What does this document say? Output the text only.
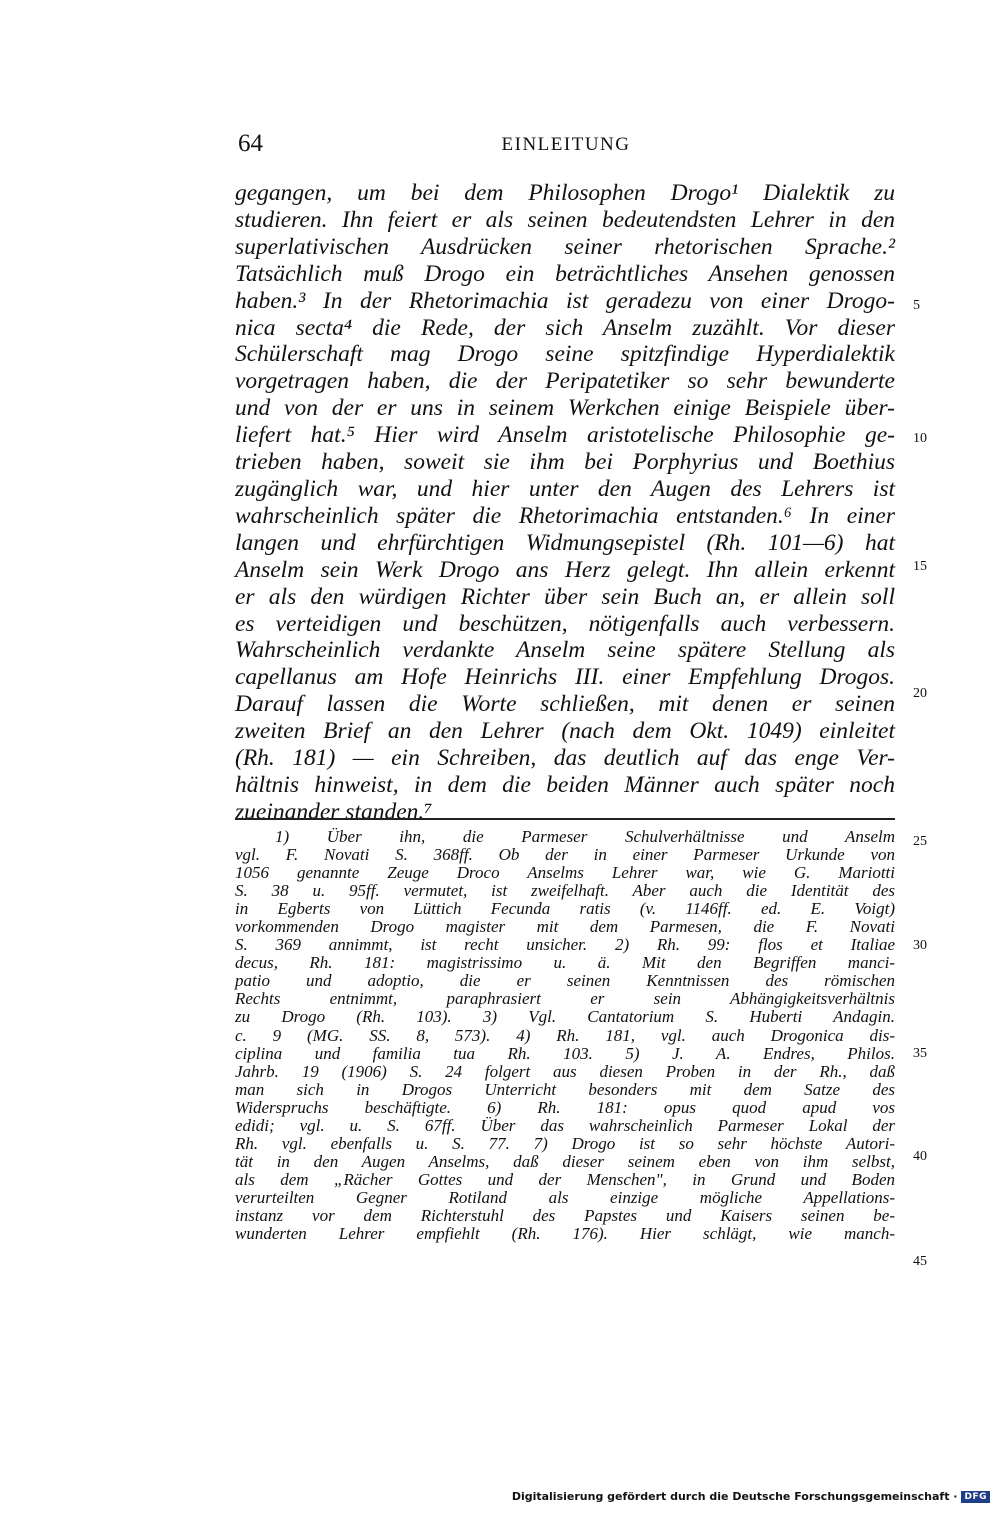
64	EINLEITUNG
gegangen, um bei dem Philosophen Drogo¹ Dialektik zu
studieren. Ihn feiert er als seinen bedeutendsten Lehrer in den
superlativischen Ausdrücken seiner rhetorischen Sprache.²
Tatsächlich muß Drogo ein beträchtliches Ansehen genossen
haben.³ In der Rhetorimachia ist geradezu von einer Drogo-
nica secta⁴ die Rede, der sich Anselm zuzählt. Vor dieser
Schülerschaft mag Drogo seine spitzfindige Hyperdialektik
vorgetragen haben, die der Peripatetiker so sehr bewunderte
und von der er uns in seinem Werkchen einige Beispiele über-
liefert hat.⁵ Hier wird Anselm aristotelische Philosophie ge-
trieben haben, soweit sie ihm bei Porphyrius und Boethius
zugänglich war, und hier unter den Augen des Lehrers ist
wahrscheinlich später die Rhetorimachia entstanden.⁶ In einer
langen und ehrfürchtigen Widmungsepistel (Rh. 101—6) hat
Anselm sein Werk Drogo ans Herz gelegt. Ihn allein erkennt
er als den würdigen Richter über sein Buch an, er allein soll
es verteidigen und beschützen, nötigenfalls auch verbessern.
Wahrscheinlich verdankte Anselm seine spätere Stellung als
capellanus am Hofe Heinrichs III. einer Empfehlung Drogos.
Darauf lassen die Worte schließen, mit denen er seinen
zweiten Brief an den Lehrer (nach dem Okt. 1049) einleitet
(Rh. 181) — ein Schreiben, das deutlich auf das enge Ver-
hältnis hinweist, in dem die beiden Männer auch später noch
zueinander standen.⁷
1) Über ihn, die Parmeser Schulverhältnisse und Anselm
vgl. F. Novati S. 368ff. Ob der in einer Parmeser Urkunde von
1056 genannte Zeuge Droco Anselms Lehrer war, wie G. Mariotti
S. 38 u. 95ff. vermutet, ist zweifelhaft. Aber auch die Identität des
in Egberts von Lüttich Fecunda ratis (v. 1146ff. ed. E. Voigt)
vorkommenden Drogo magister mit dem Parmesen, die F. Novati
S. 369 annimmt, ist recht unsicher. 2) Rh. 99: flos et Italiae
decus, Rh. 181: magistrissimo u. ä. Mit den Begriffen manci-
patio und adoptio, die er seinen Kenntnissen des römischen
Rechts entnimmt, paraphrasiert er sein Abhängigkeitsverhältnis
zu Drogo (Rh. 103). 3) Vgl. Cantatorium S. Huberti Andagin.
c. 9 (MG. SS. 8, 573). 4) Rh. 181, vgl. auch Drogonica dis-
ciplina und familia tua Rh. 103. 5) J. A. Endres, Philos.
Jahrb. 19 (1906) S. 24 folgert aus diesen Proben in der Rh., daß
man sich in Drogos Unterricht besonders mit dem Satze des
Widerspruchs beschäftigte. 6) Rh. 181: opus quod apud vos
edidi; vgl. u. S. 67ff. Über das wahrscheinlich Parmeser Lokal der
Rh. vgl. ebenfalls u. S. 77. 7) Drogo ist so sehr höchste Autori-
tät in den Augen Anselms, daß dieser seinem eben von ihm selbst,
als dem „Rächer Gottes und der Menschen", in Grund und Boden
verurteilten Gegner Rotiland als einzige mögliche Appellations-
instanz vor dem Richterstuhl des Papstes und Kaisers seinen be-
wunderten Lehrer empfiehlt (Rh. 176). Hier schlägt, wie manch-
5
10
15
20
25
30
35
40
45
Digitalisierung gefördert durch die Deutsche Forschungsgemeinschaft · DFG
